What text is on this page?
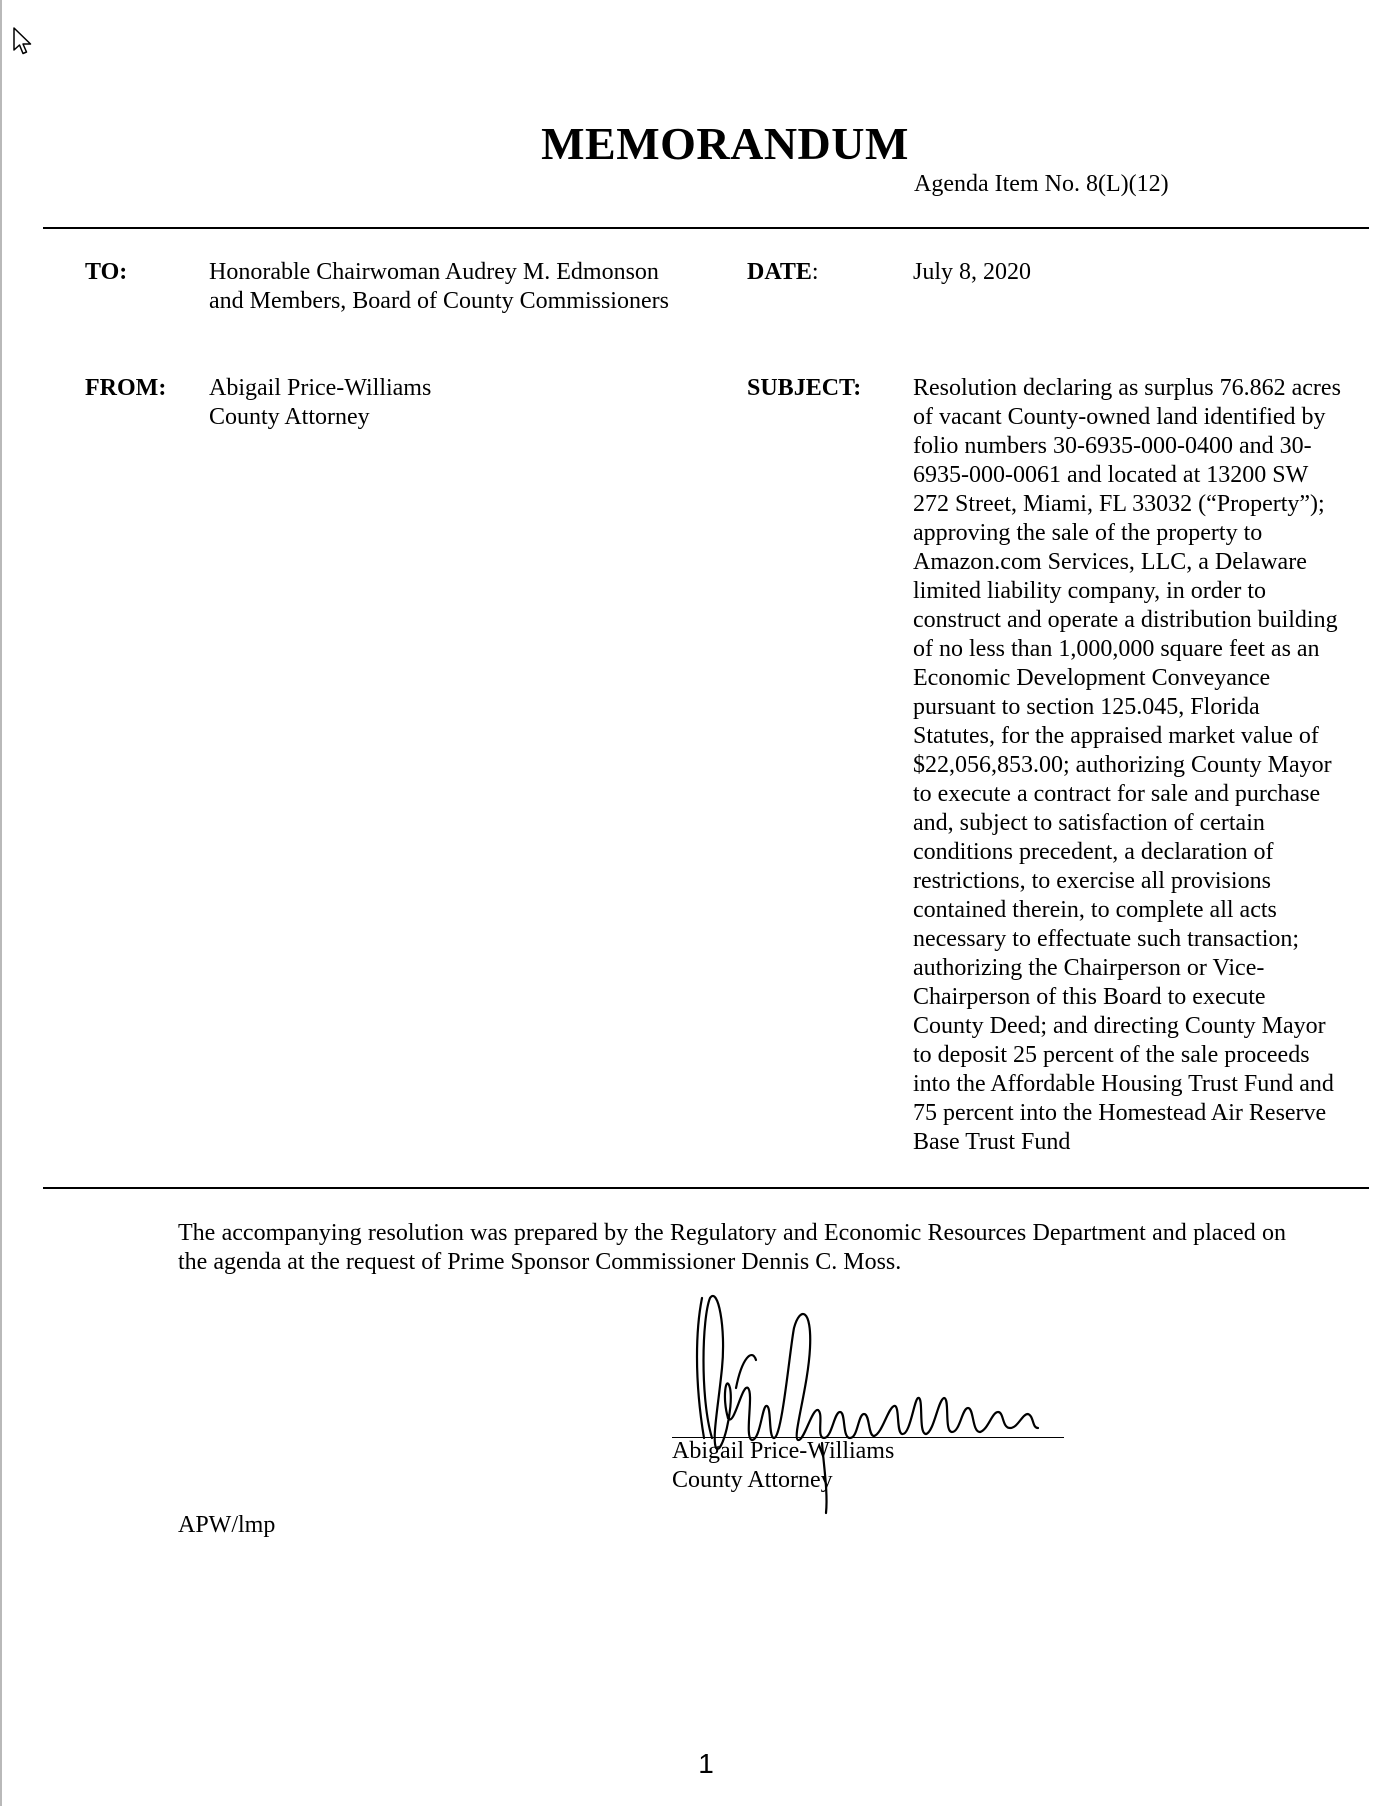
MEMORANDUM
Agenda Item No. 8(L)(12)
TO:	Honorable Chairwoman Audrey M. Edmonson
and Members, Board of County Commissioners
DATE:	July 8, 2020
FROM: Abigail Price-Williams
County Attorney
SUBJECT: Resolution declaring as surplus 76.862 acres
of vacant County-owned land identified by
folio numbers 30-6935-000-0400 and 30-
6935-000-0061 and located at 13200 SW
272 Street, Miami, FL 33032 (“Property”);
approving the sale of the property to
Amazon.com Services, LLC, a Delaware
limited liability company, in order to
construct and operate a distribution building
of no less than 1,000,000 square feet as an
Economic Development Conveyance
pursuant to section 125.045, Florida
Statutes, for the appraised market value of
$22,056,853.00; authorizing County Mayor
to execute a contract for sale and purchase
and, subject to satisfaction of certain
conditions precedent, a declaration of
restrictions, to exercise all provisions
contained therein, to complete all acts
necessary to effectuate such transaction;
authorizing the Chairperson or Vice-
Chairperson of this Board to execute
County Deed; and directing County Mayor
to deposit 25 percent of the sale proceeds
into the Affordable Housing Trust Fund and
75 percent into the Homestead Air Reserve
Base Trust Fund
The accompanying resolution was prepared by the Regulatory and Economic Resources Department and placed on the agenda at the request of Prime Sponsor Commissioner Dennis C. Moss.
Abigail Price-Williams
County Attorney
APW/lmp
1
